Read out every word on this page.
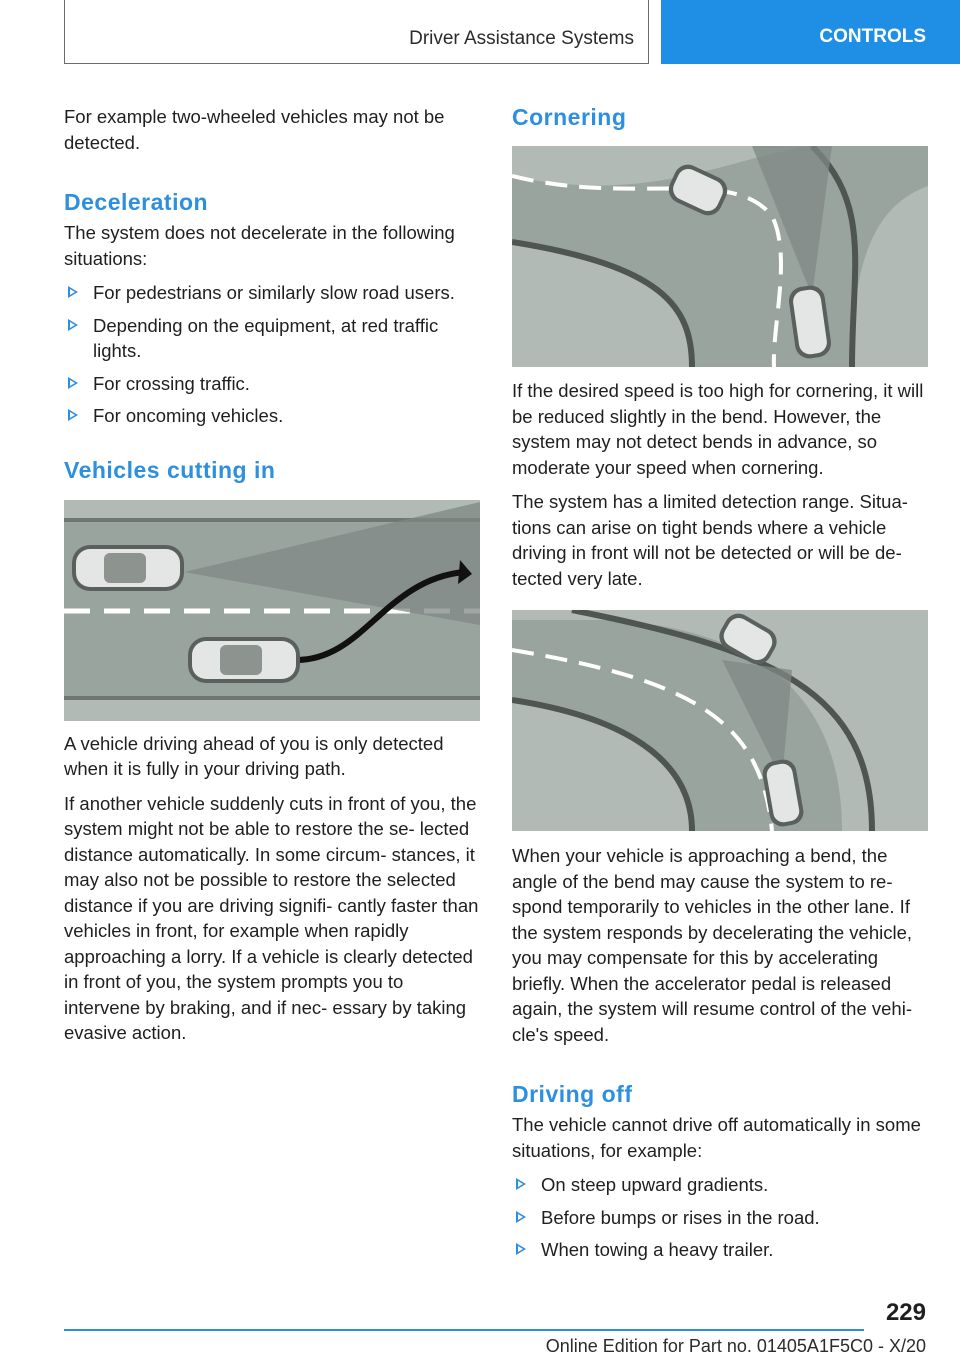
Driver Assistance Systems	CONTROLS

For example two-wheeled vehicles may not be detected.

Deceleration

The system does not decelerate in the following situations:

For pedestrians or similarly slow road users.
Depending on the equipment, at red traffic lights.
For crossing traffic.
For oncoming vehicles.
Vehicles cutting in

A vehicle driving ahead of you is only detected when it is fully in your driving path.

If another vehicle suddenly cuts in front of you, the system might not be able to restore the se‐ lected distance automatically. In some circum‐ stances, it may also not be possible to restore the selected distance if you are driving signifi‐ cantly faster than vehicles in front, for example when rapidly approaching a lorry. If a vehicle is clearly detected in front of you, the system prompts you to intervene by braking, and if nec‐ essary by taking evasive action.

Cornering

If the desired speed is too high for cornering, it will be reduced slightly in the bend. However, the system may not detect bends in advance, so moderate your speed when cornering.

The system has a limited detection range. Situa‐ tions can arise on tight bends where a vehicle driving in front will not be detected or will be de‐ tected very late.

When your vehicle is approaching a bend, the angle of the bend may cause the system to re‐ spond temporarily to vehicles in the other lane. If the system responds by decelerating the vehicle, you may compensate for this by accelerating briefly. When the accelerator pedal is released again, the system will resume control of the vehi‐ cle's speed.

Driving off

The vehicle cannot drive off automatically in some situations, for example:

On steep upward gradients.
Before bumps or rises in the road.
When towing a heavy trailer.
229
Online Edition for Part no. 01405A1F5C0 - X/20
